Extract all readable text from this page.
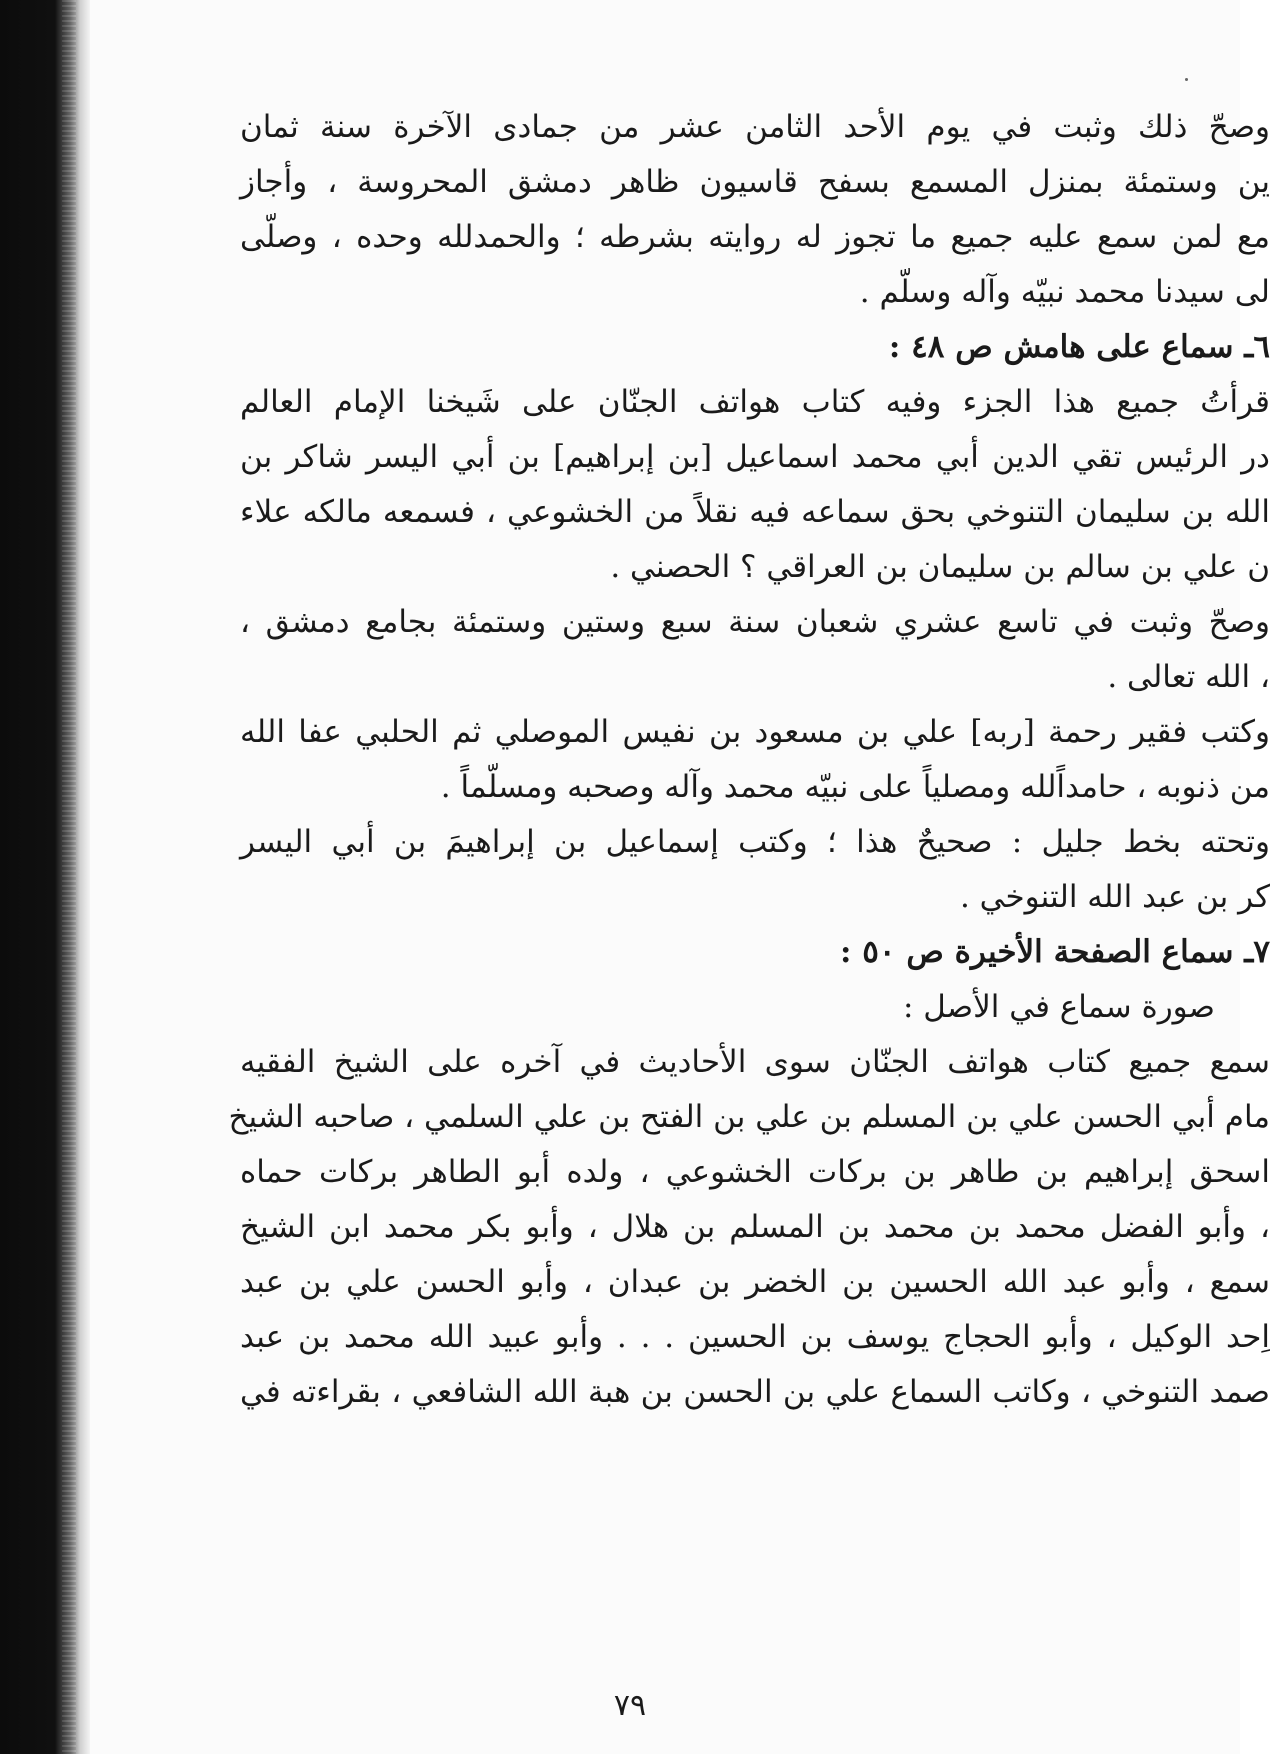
وصحّ ذلك وثبت في يوم الأحد الثامن عشر من جمادى الآخرة سنة ثمان
ين وستمئة بمنزل المسمع بسفح قاسيون ظاهر دمشق المحروسة ، وأجاز
مع لمن سمع عليه جميع ما تجوز له روايته بشرطه ؛ والحمدلله وحده ، وصلّى
لى سيدنا محمد نبيّه وآله وسلّم .
٦ـ سماع على هامش ص ٤٨ :
قرأتُ جميع هذا الجزء وفيه كتاب هواتف الجنّان على شَيخنا الإمام العالم
در الرئيس تقي الدين أبي محمد اسماعيل [بن إبراهيم] بن أبي اليسر شاكر بن
الله بن سليمان التنوخي بحق سماعه فيه نقلاً من الخشوعي ، فسمعه مالكه علاء
ن علي بن سالم بن سليمان بن العراقي ؟ الحصني .
وصحّ وثبت في تاسع عشري شعبان سنة سبع وستين وستمئة بجامع دمشق ،
، الله تعالى .
وكتب فقير رحمة [ربه] علي بن مسعود بن نفيس الموصلي ثم الحلبي عفا الله
من ذنوبه ، حامداًلله ومصلياً على نبيّه محمد وآله وصحبه ومسلّماً .
وتحته بخط جليل : صحيحٌ هذا ؛ وكتب إسماعيل بن إبراهيمَ بن أبي اليسر
كر بن عبد الله التنوخي .
٧ـ سماع الصفحة الأخيرة ص ٥٠ :
صورة سماع في الأصل :
سمع جميع كتاب هواتف الجنّان سوى الأحاديث في آخره على الشيخ الفقيه
مام أبي الحسن علي بن المسلم بن علي بن الفتح بن علي السلمي ، صاحبه الشيخ
اسحق إبراهيم بن طاهر بن بركات الخشوعي ، ولده أبو الطاهر بركات حماه
، وأبو الفضل محمد بن محمد بن المسلم بن هلال ، وأبو بكر محمد ابن الشيخ
سمع ، وأبو عبد الله الحسين بن الخضر بن عبدان ، وأبو الحسن علي بن عبد
اِحد الوكيل ، وأبو الحجاج يوسف بن الحسين . . . وأبو عبيد الله محمد بن عبد
صمد التنوخي ، وكاتب السماع علي بن الحسن بن هبة الله الشافعي ، بقراءته في
٧٩
